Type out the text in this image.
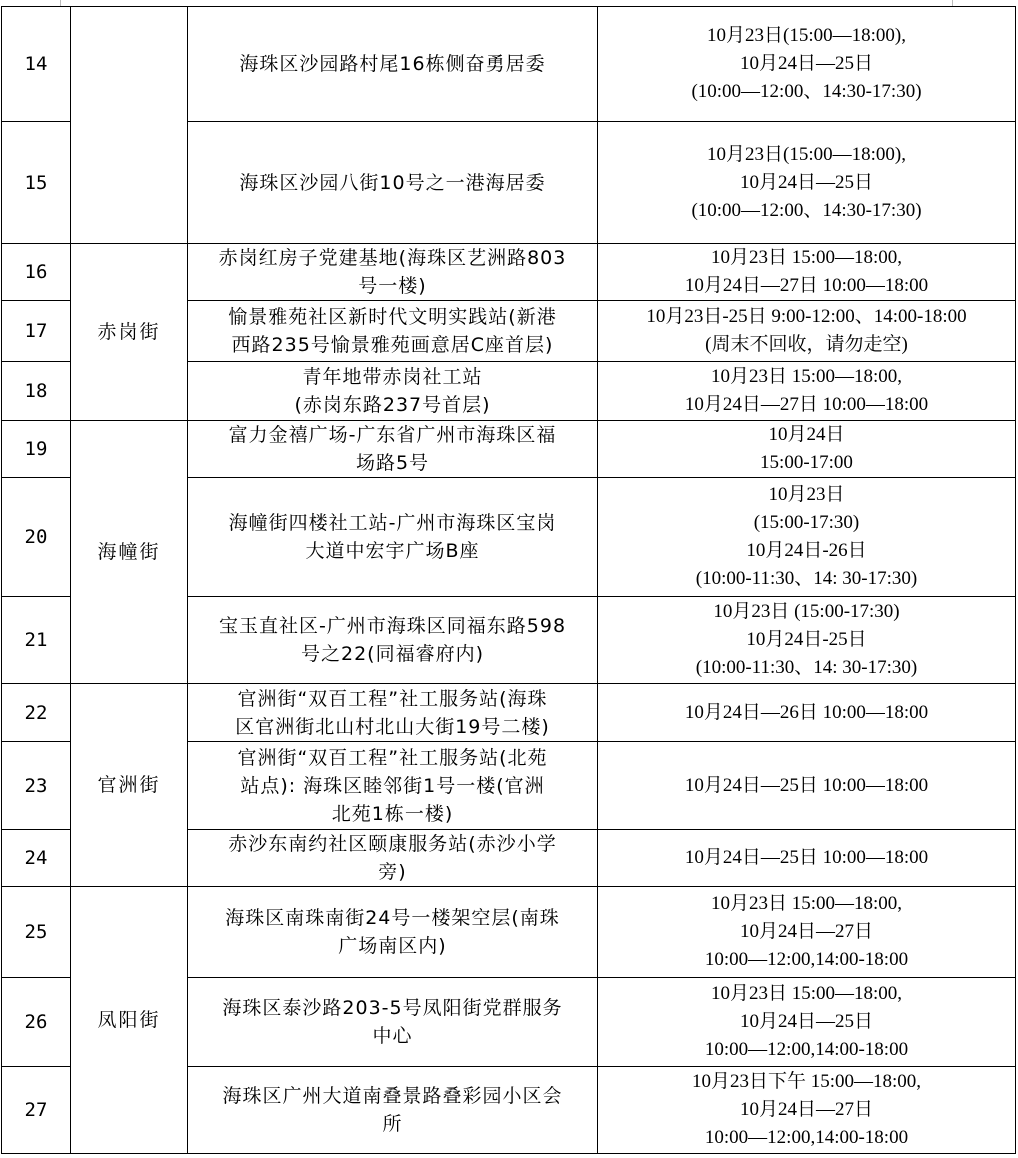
14		海珠区沙园路村尾16栋侧奋勇居委	10月23日(15:00—18:00),
10月24日—25日
(10:00—12:00、14:30-17:30)

15		海珠区沙园八街10号之一港海居委	10月23日(15:00—18:00),
10月24日—25日
(10:00—12:00、14:30-17:30)

16	赤岗街	赤岗红房子党建基地(海珠区艺洲路803
号一楼)	10月23日 15:00—18:00,
10月24日—27日 10:00—18:00

17		愉景雅苑社区新时代文明实践站(新港
西路235号愉景雅苑画意居C座首层)	10月23日-25日 9:00-12:00、14:00-18:00
(周末不回收，请勿走空)

18		青年地带赤岗社工站
(赤岗东路237号首层)	10月23日 15:00—18:00,
10月24日—27日 10:00—18:00

19	海幢街	富力金禧广场-广东省广州市海珠区福
场路5号	10月24日
15:00-17:00

20		海幢街四楼社工站-广州市海珠区宝岗
大道中宏宇广场B座	10月23日
(15:00-17:30)
10月24日-26日
(10:00-11:30、14: 30-17:30)

21		宝玉直社区-广州市海珠区同福东路598
号之22(同福睿府内)	10月23日 (15:00-17:30)
10月24日-25日
(10:00-11:30、14: 30-17:30)

22	官洲街	官洲街“双百工程”社工服务站(海珠
区官洲街北山村北山大街19号二楼)	10月24日—26日 10:00—18:00

23		官洲街“双百工程”社工服务站(北苑
站点): 海珠区睦邻街1号一楼(官洲
北苑1栋一楼)	10月24日—25日 10:00—18:00

24		赤沙东南约社区颐康服务站(赤沙小学
旁)	10月24日—25日 10:00—18:00

25	凤阳街	海珠区南珠南街24号一楼架空层(南珠
广场南区内)	10月23日 15:00—18:00,
10月24日—27日
10:00—12:00,14:00-18:00

26		海珠区泰沙路203-5号凤阳街党群服务
中心	10月23日 15:00—18:00,
10月24日—25日
10:00—12:00,14:00-18:00

27		海珠区广州大道南叠景路叠彩园小区会
所	10月23日下午 15:00—18:00,
10月24日—27日
10:00—12:00,14:00-18:00
